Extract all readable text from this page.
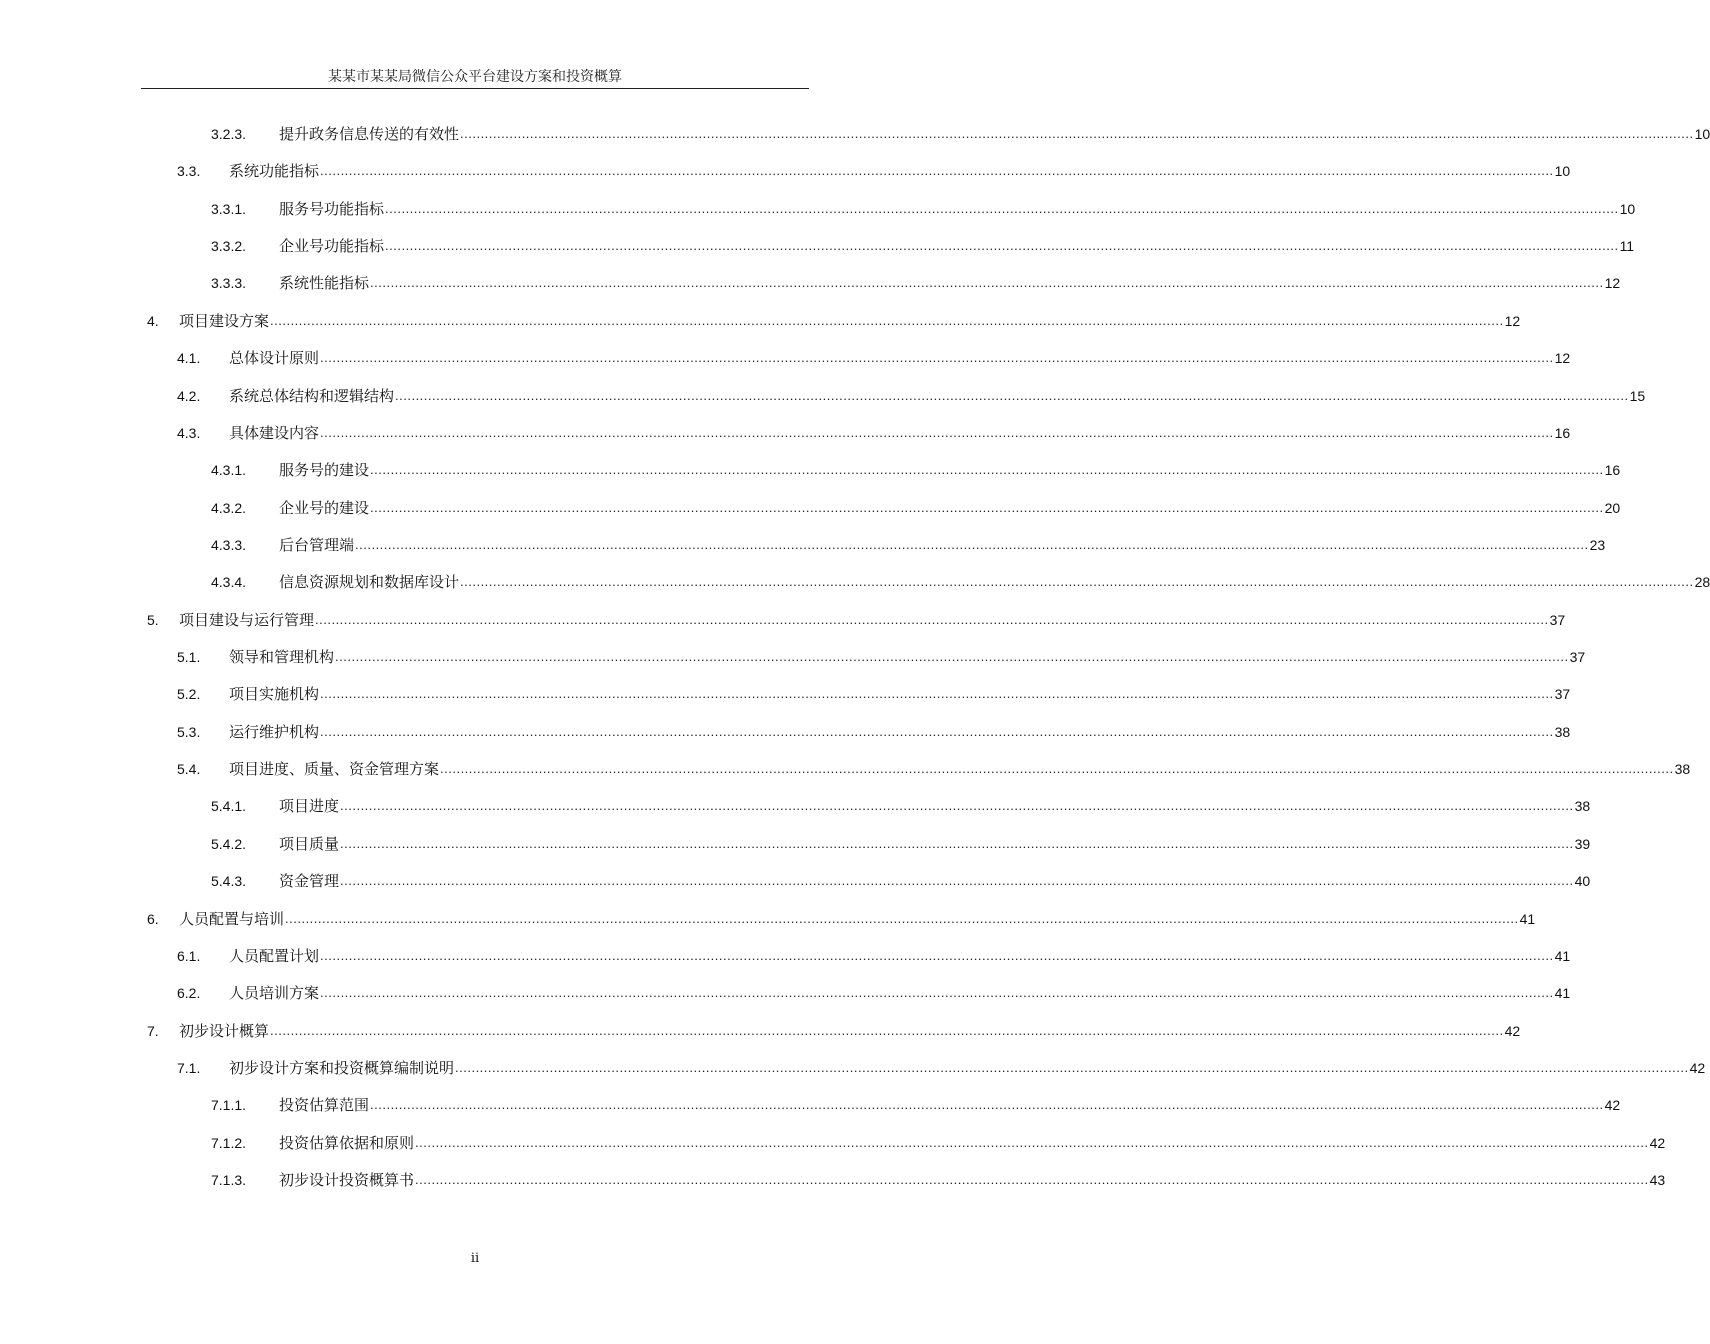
某某市某某局微信公众平台建设方案和投资概算
3.2.3.	提升政务信息传送的有效性 ............................................................................................................................................................................................................................................................................................................ 10
3.3.	系统功能指标 ............................................................................................................................................................................................................................................................................................................ 10
3.3.1.	服务号功能指标 ............................................................................................................................................................................................................................................................................................................ 10
3.3.2.	企业号功能指标 ............................................................................................................................................................................................................................................................................................................ 11
3.3.3.	系统性能指标 ............................................................................................................................................................................................................................................................................................................ 12
4.	项目建设方案 ............................................................................................................................................................................................................................................................................................................ 12
4.1.	总体设计原则 ............................................................................................................................................................................................................................................................................................................ 12
4.2.	系统总体结构和逻辑结构 ............................................................................................................................................................................................................................................................................................................ 15
4.3.	具体建设内容 ............................................................................................................................................................................................................................................................................................................ 16
4.3.1.	服务号的建设 ............................................................................................................................................................................................................................................................................................................ 16
4.3.2.	企业号的建设 ............................................................................................................................................................................................................................................................................................................ 20
4.3.3.	后台管理端 ............................................................................................................................................................................................................................................................................................................ 23
4.3.4.	信息资源规划和数据库设计 ............................................................................................................................................................................................................................................................................................................ 28
5.	项目建设与运行管理 ............................................................................................................................................................................................................................................................................................................ 37
5.1.	领导和管理机构 ............................................................................................................................................................................................................................................................................................................ 37
5.2.	项目实施机构 ............................................................................................................................................................................................................................................................................................................ 37
5.3.	运行维护机构 ............................................................................................................................................................................................................................................................................................................ 38
5.4.	项目进度、质量、资金管理方案 ............................................................................................................................................................................................................................................................................................................ 38
5.4.1.	项目进度 ............................................................................................................................................................................................................................................................................................................ 38
5.4.2.	项目质量 ............................................................................................................................................................................................................................................................................................................ 39
5.4.3.	资金管理 ............................................................................................................................................................................................................................................................................................................ 40
6.	人员配置与培训 ............................................................................................................................................................................................................................................................................................................ 41
6.1.	人员配置计划 ............................................................................................................................................................................................................................................................................................................ 41
6.2.	人员培训方案 ............................................................................................................................................................................................................................................................................................................ 41
7.	初步设计概算 ............................................................................................................................................................................................................................................................................................................ 42
7.1.	初步设计方案和投资概算编制说明 ............................................................................................................................................................................................................................................................................................................ 42
7.1.1.	投资估算范围 ............................................................................................................................................................................................................................................................................................................ 42
7.1.2.	投资估算依据和原则 ............................................................................................................................................................................................................................................................................................................ 42
7.1.3.	初步设计投资概算书 ............................................................................................................................................................................................................................................................................................................ 43
ii
